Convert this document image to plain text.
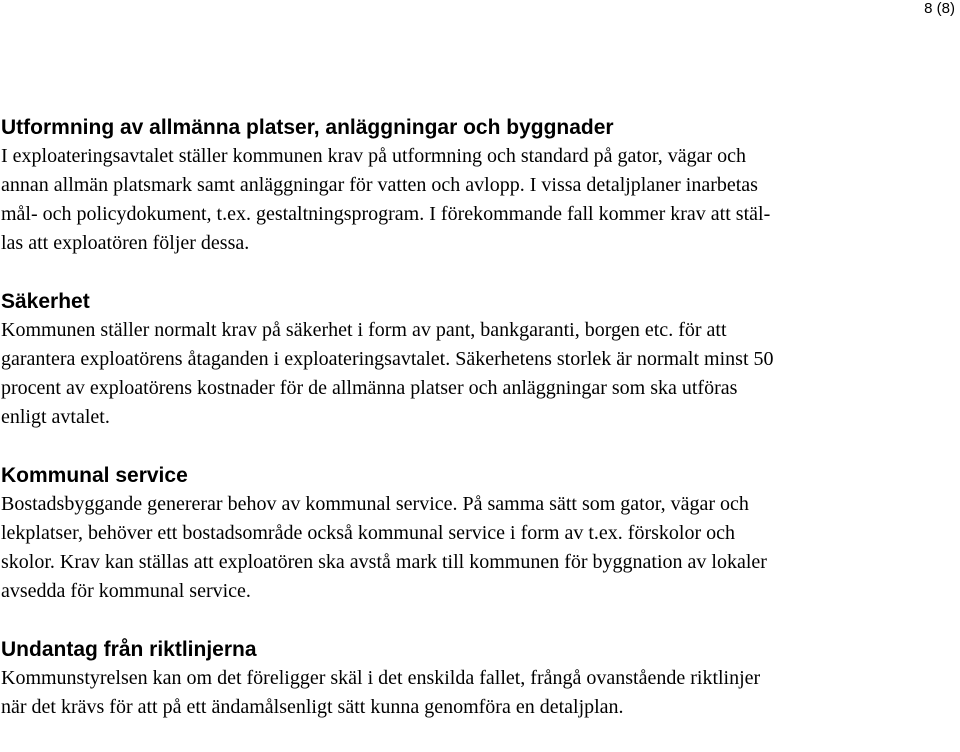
8 (8)
Utformning av allmänna platser, anläggningar och byggnader
I exploateringsavtalet ställer kommunen krav på utformning och standard på gator, vägar och
annan allmän platsmark samt anläggningar för vatten och avlopp. I vissa detaljplaner inarbetas
mål- och policydokument, t.ex. gestaltningsprogram. I förekommande fall kommer krav att stäl-
las att exploatören följer dessa.
Säkerhet
Kommunen ställer normalt krav på säkerhet i form av pant, bankgaranti, borgen etc. för att
garantera exploatörens åtaganden i exploateringsavtalet. Säkerhetens storlek är normalt minst 50
procent av exploatörens kostnader för de allmänna platser och anläggningar som ska utföras
enligt avtalet.
Kommunal service
Bostadsbyggande genererar behov av kommunal service. På samma sätt som gator, vägar och
lekplatser, behöver ett bostadsområde också kommunal service i form av t.ex. förskolor och
skolor. Krav kan ställas att exploatören ska avstå mark till kommunen för byggnation av lokaler
avsedda för kommunal service.
Undantag från riktlinjerna
Kommunstyrelsen kan om det föreligger skäl i det enskilda fallet, frångå ovanstående riktlinjer
när det krävs för att på ett ändamålsenligt sätt kunna genomföra en detaljplan.
